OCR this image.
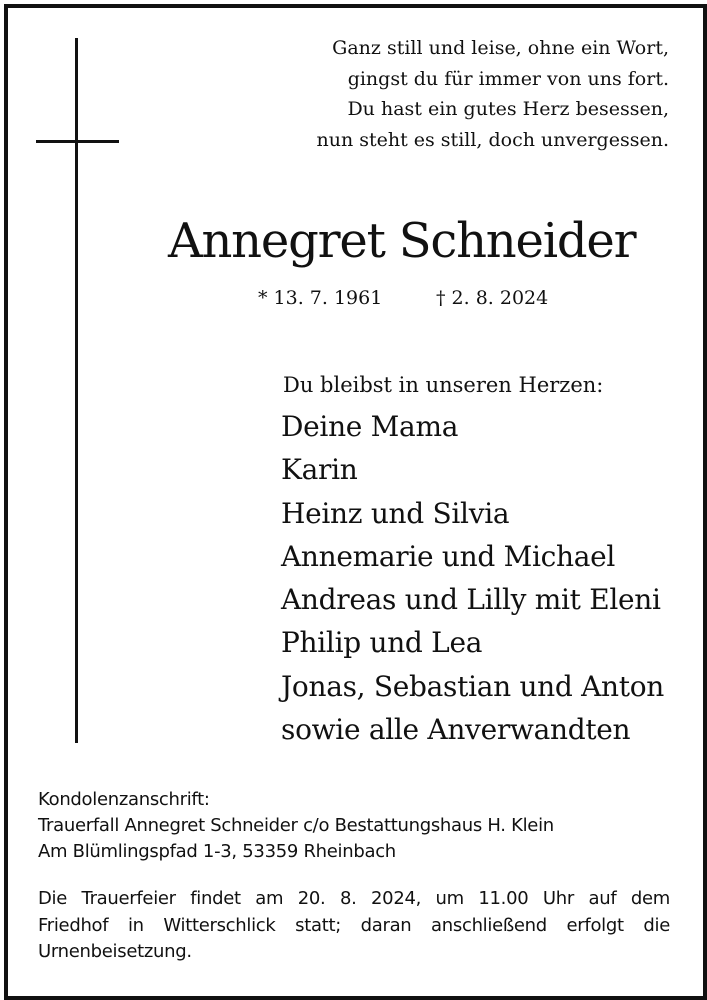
Ganz still und leise, ohne ein Wort,
gingst du für immer von uns fort.
Du hast ein gutes Herz besessen,
nun steht es still, doch unvergessen.
Annegret Schneider
* 13. 7. 1961	† 2. 8. 2024
Du bleibst in unseren Herzen:
Deine Mama
Karin
Heinz und Silvia
Annemarie und Michael
Andreas und Lilly mit Eleni
Philip und Lea
Jonas, Sebastian und Anton
sowie alle Anverwandten
Kondolenzanschrift:
Trauerfall Annegret Schneider c/o Bestattungshaus H. Klein
Am Blümlingspfad 1-3, 53359 Rheinbach
Die Trauerfeier findet am 20. 8. 2024, um 11.00 Uhr auf dem
Friedhof in Witterschlick statt; daran anschließend erfolgt die
Urnenbeisetzung.
